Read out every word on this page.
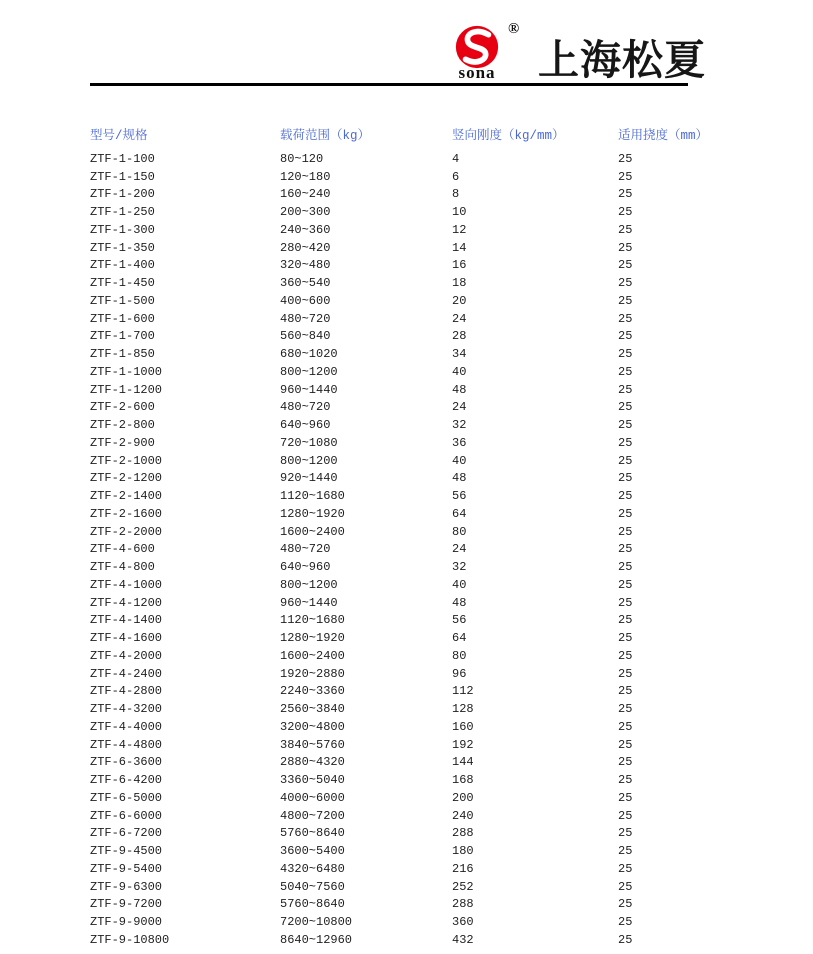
®
sona 上海松夏
型号/规格	载荷范围（kg）	竖向刚度（kg/mm）	适用挠度（mm）
ZTF-1-100	80~120	4	25
ZTF-1-150	120~180	6	25
ZTF-1-200	160~240	8	25
ZTF-1-250	200~300	10	25
ZTF-1-300	240~360	12	25
ZTF-1-350	280~420	14	25
ZTF-1-400	320~480	16	25
ZTF-1-450	360~540	18	25
ZTF-1-500	400~600	20	25
ZTF-1-600	480~720	24	25
ZTF-1-700	560~840	28	25
ZTF-1-850	680~1020	34	25
ZTF-1-1000	800~1200	40	25
ZTF-1-1200	960~1440	48	25
ZTF-2-600	480~720	24	25
ZTF-2-800	640~960	32	25
ZTF-2-900	720~1080	36	25
ZTF-2-1000	800~1200	40	25
ZTF-2-1200	920~1440	48	25
ZTF-2-1400	1120~1680	56	25
ZTF-2-1600	1280~1920	64	25
ZTF-2-2000	1600~2400	80	25
ZTF-4-600	480~720	24	25
ZTF-4-800	640~960	32	25
ZTF-4-1000	800~1200	40	25
ZTF-4-1200	960~1440	48	25
ZTF-4-1400	1120~1680	56	25
ZTF-4-1600	1280~1920	64	25
ZTF-4-2000	1600~2400	80	25
ZTF-4-2400	1920~2880	96	25
ZTF-4-2800	2240~3360	112	25
ZTF-4-3200	2560~3840	128	25
ZTF-4-4000	3200~4800	160	25
ZTF-4-4800	3840~5760	192	25
ZTF-6-3600	2880~4320	144	25
ZTF-6-4200	3360~5040	168	25
ZTF-6-5000	4000~6000	200	25
ZTF-6-6000	4800~7200	240	25
ZTF-6-7200	5760~8640	288	25
ZTF-9-4500	3600~5400	180	25
ZTF-9-5400	4320~6480	216	25
ZTF-9-6300	5040~7560	252	25
ZTF-9-7200	5760~8640	288	25
ZTF-9-9000	7200~10800	360	25
ZTF-9-10800	8640~12960	432	25
